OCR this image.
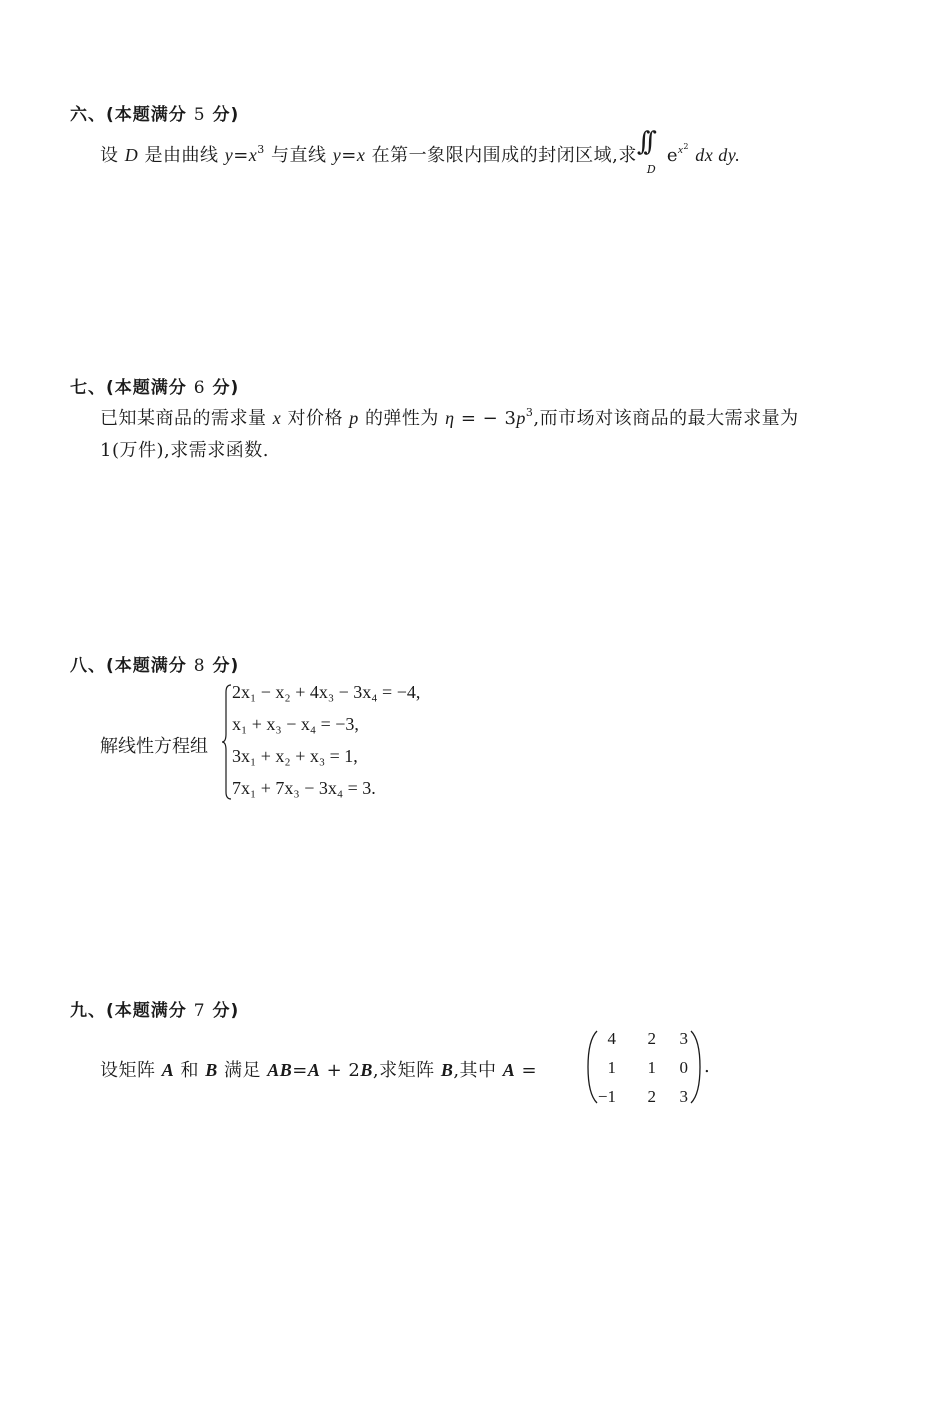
六、(本题满分 5 分)
设 D 是由曲线 $y=x^3$ 与直线 y=x 在第一象限内围成的封闭区域,求 ∫∫
D
$e^{x^2}$ dx dy.
七、(本题满分 6 分)
已知某商品的需求量 x 对价格 p 的弹性为 η = − $3p^3$,而市场对该商品的最大需求量为
1(万件),求需求函数.
八、(本题满分 8 分)
解线性方程组
2x₁ − x₂ + 4x₃ − 3x₄ = −4,
x₁ + x₃ − x₄ = −3,
3x₁ + x₂ + x₃ = 1,
7x₁ + 7x₃ − 3x₄ = 3.
九、(本题满分 7 分)
设矩阵 A 和 B 满足 AB=A + 2B,求矩阵 B,其中 A =
4	2	3
1	1	0
−1	2	3
.
